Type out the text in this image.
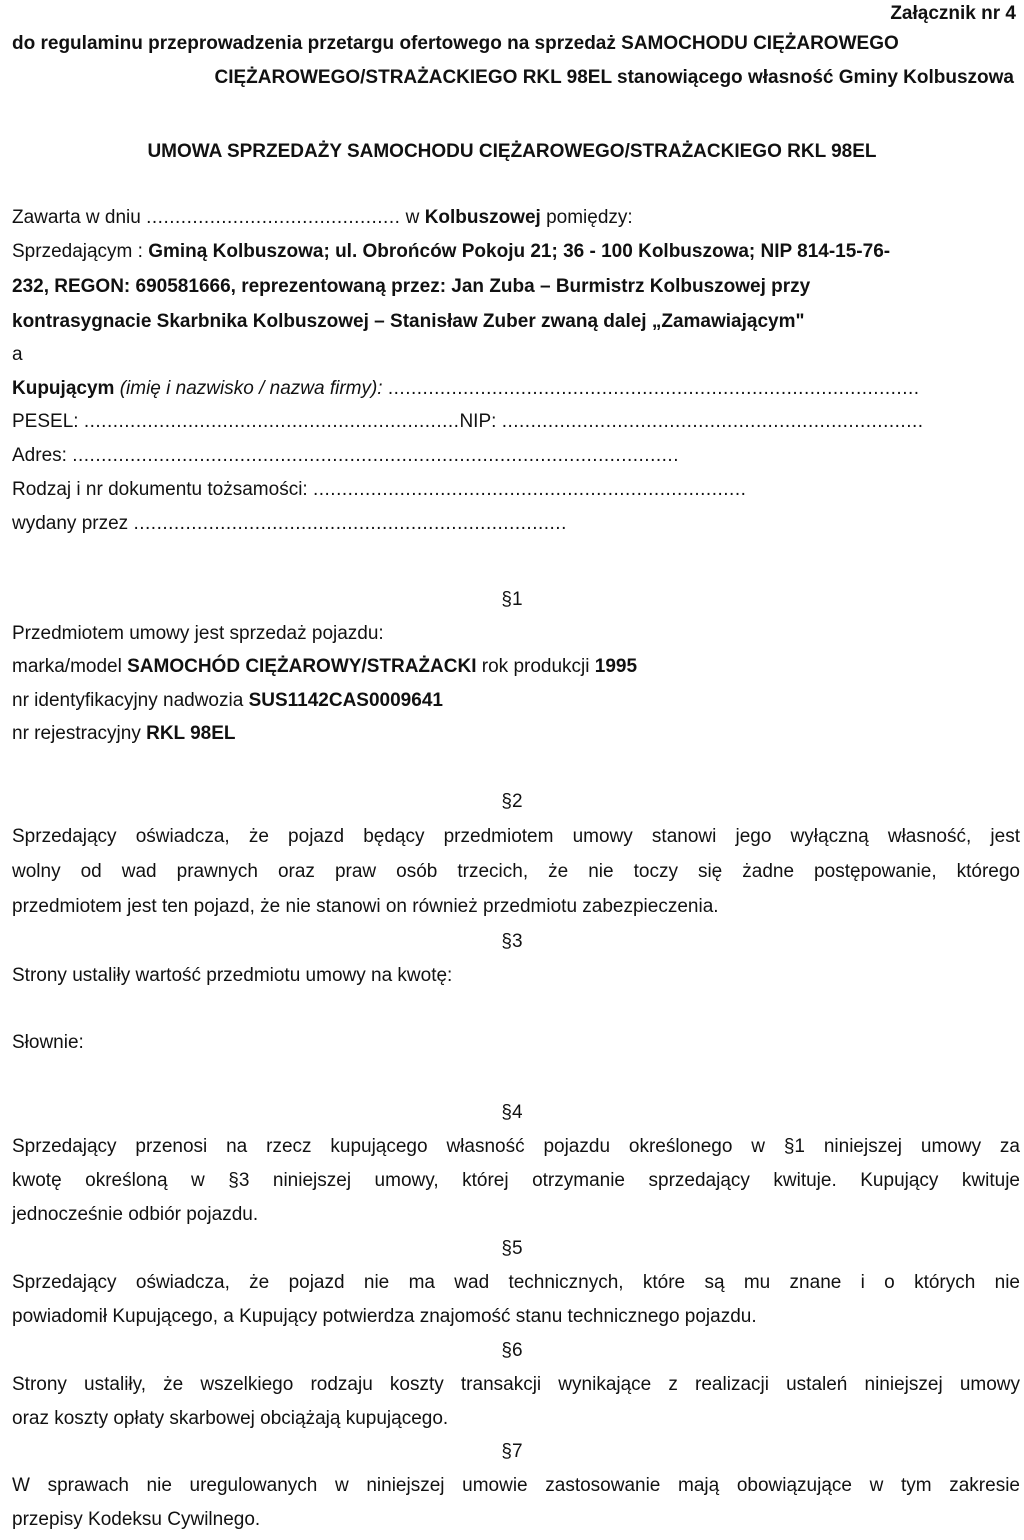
Załącznik nr 4
do regulaminu przeprowadzenia przetargu ofertowego na sprzedaż SAMOCHODU CIĘŻAROWEGO
CIĘŻAROWEGO/STRAŻACKIEGO RKL 98EL stanowiącego własność Gminy Kolbuszowa
UMOWA SPRZEDAŻY SAMOCHODU CIĘŻAROWEGO/STRAŻACKIEGO RKL 98EL
Zawarta w dniu ............................................ w Kolbuszowej pomiędzy:
Sprzedającym : Gminą Kolbuszowa; ul. Obrońców Pokoju 21; 36 - 100 Kolbuszowa; NIP 814-15-76-
232, REGON: 690581666, reprezentowaną przez: Jan Zuba – Burmistrz Kolbuszowej przy
kontrasygnacie Skarbnika Kolbuszowej – Stanisław Zuber zwaną dalej „Zamawiającym"
a
Kupującym (imię i nazwisko / nazwa firmy): ............................................................................................
PESEL: .................................................................NIP: .........................................................................
Adres: .........................................................................................................
Rodzaj i nr dokumentu tożsamości: ...........................................................................
wydany przez ...........................................................................
§1
Przedmiotem umowy jest sprzedaż pojazdu:
marka/model SAMOCHÓD CIĘŻAROWY/STRAŻACKI rok produkcji 1995
nr identyfikacyjny nadwozia SUS1142CAS0009641
nr rejestracyjny RKL 98EL
§2
Sprzedający oświadcza, że pojazd będący przedmiotem umowy stanowi jego wyłączną własność, jest
wolny od wad prawnych oraz praw osób trzecich, że nie toczy się żadne postępowanie, którego
przedmiotem jest ten pojazd, że nie stanowi on również przedmiotu zabezpieczenia.
§3
Strony ustaliły wartość przedmiotu umowy na kwotę:
Słownie:
§4
Sprzedający przenosi na rzecz kupującego własność pojazdu określonego w §1 niniejszej umowy za
kwotę określoną w §3 niniejszej umowy, której otrzymanie sprzedający kwituje. Kupujący kwituje
jednocześnie odbiór pojazdu.
§5
Sprzedający oświadcza, że pojazd nie ma wad technicznych, które są mu znane i o których nie
powiadomił Kupującego, a Kupujący potwierdza znajomość stanu technicznego pojazdu.
§6
Strony ustaliły, że wszelkiego rodzaju koszty transakcji wynikające z realizacji ustaleń niniejszej umowy
oraz koszty opłaty skarbowej obciążają kupującego.
§7
W sprawach nie uregulowanych w niniejszej umowie zastosowanie mają obowiązujące w tym zakresie
przepisy Kodeksu Cywilnego.
